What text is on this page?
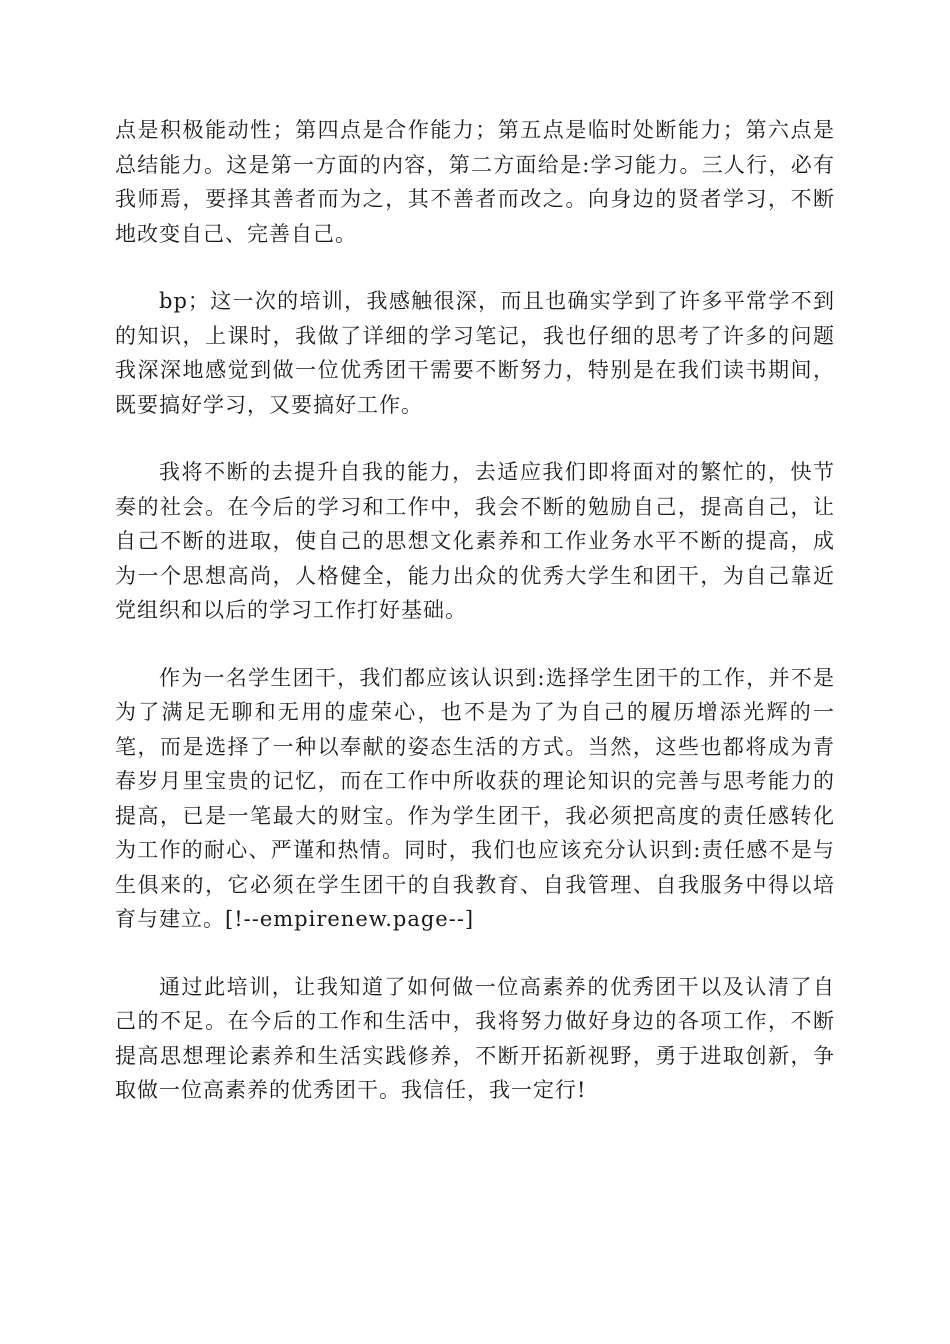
点是积极能动性；第四点是合作能力；第五点是临时处断能力；第六点是总结能力。这是第一方面的内容，第二方面给是:学习能力。三人行，必有我师焉，要择其善者而为之，其不善者而改之。向身边的贤者学习，不断地改变自己、完善自己。

bp；这一次的培训，我感触很深，而且也确实学到了许多平常学不到的知识，上课时，我做了详细的学习笔记，我也仔细的思考了许多的问题我深深地感觉到做一位优秀团干需要不断努力，特别是在我们读书期间，既要搞好学习，又要搞好工作。

我将不断的去提升自我的能力，去适应我们即将面对的繁忙的，快节奏的社会。在今后的学习和工作中，我会不断的勉励自己，提高自己，让自己不断的进取，使自己的思想文化素养和工作业务水平不断的提高，成为一个思想高尚，人格健全，能力出众的优秀大学生和团干，为自己靠近党组织和以后的学习工作打好基础。

作为一名学生团干，我们都应该认识到:选择学生团干的工作，并不是为了满足无聊和无用的虚荣心，也不是为了为自己的履历增添光辉的一笔，而是选择了一种以奉献的姿态生活的方式。当然，这些也都将成为青春岁月里宝贵的记忆，而在工作中所收获的理论知识的完善与思考能力的提高，已是一笔最大的财宝。作为学生团干，我必须把高度的责任感转化为工作的耐心、严谨和热情。同时，我们也应该充分认识到:责任感不是与生俱来的，它必须在学生团干的自我教育、自我管理、自我服务中得以培育与建立。[!--empirenew.page--]

通过此培训，让我知道了如何做一位高素养的优秀团干以及认清了自己的不足。在今后的工作和生活中，我将努力做好身边的各项工作，不断提高思想理论素养和生活实践修养，不断开拓新视野，勇于进取创新，争取做一位高素养的优秀团干。我信任，我一定行!
